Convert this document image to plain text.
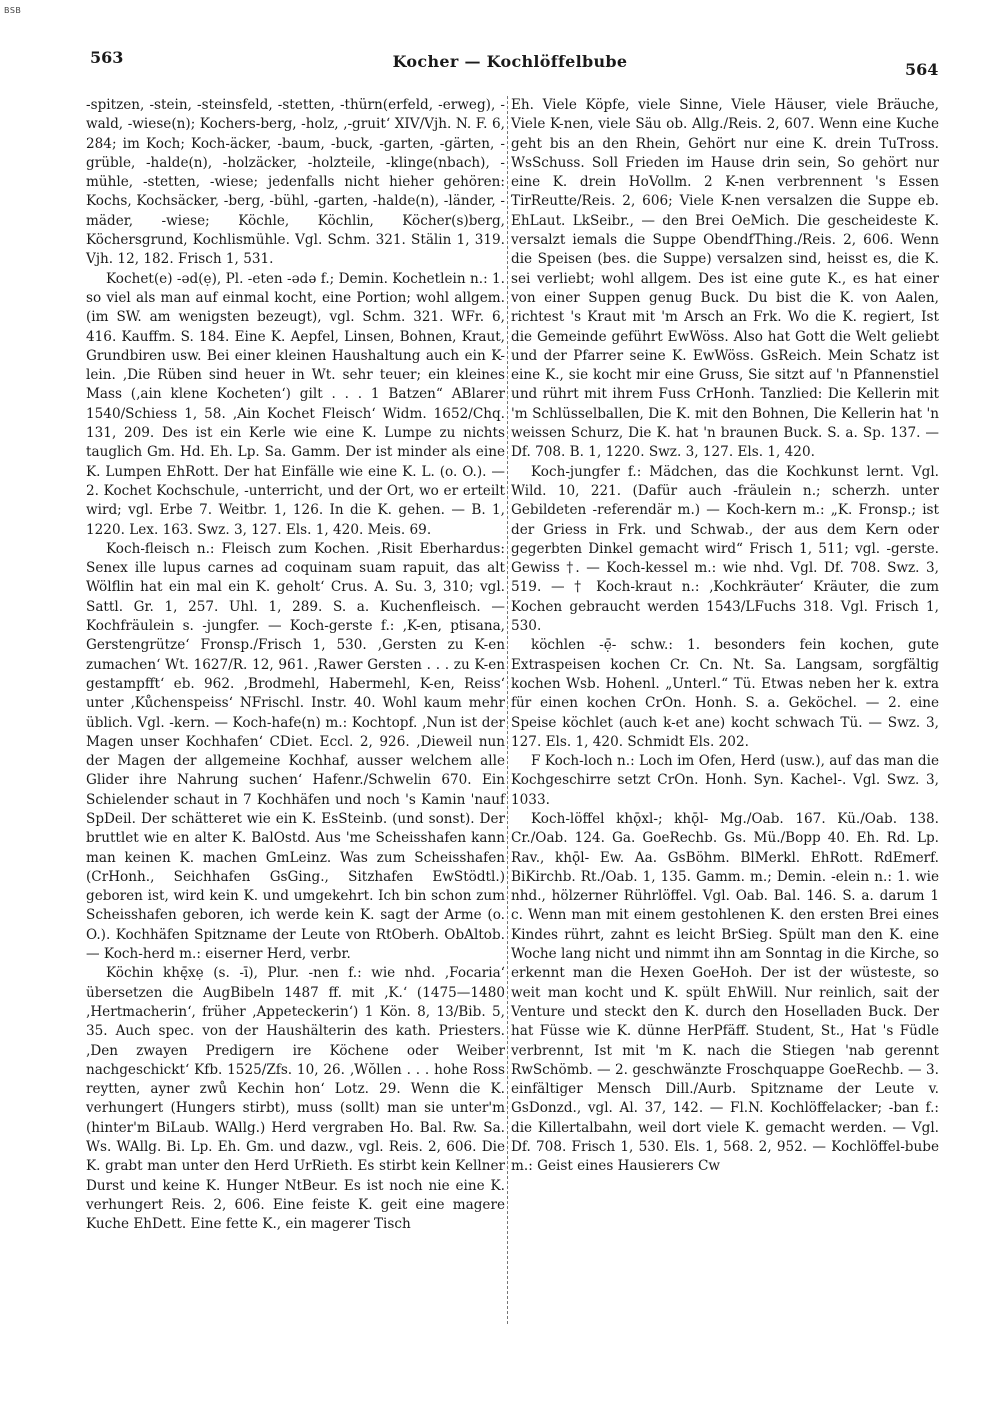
BSB
563	Kocher — Kochlöffelbube	564

-spitzen, -stein, -steinsfeld, -stetten, -thürn(erfeld, -erweg), -wald, -wiese(n); Kochers-berg, -holz, ‚-gruit‘ XIV/Vjh. N. F. 6, 284; im Koch; Koch-äcker, -baum, -buck, -garten, -gärten, -grüble, -halde(n), -holzäcker, -holzteile, -klinge(nbach), -mühle, -stetten, -wiese; jedenfalls nicht hieher gehören: Kochs, Kochsäcker, -berg, -bühl, -garten, -halde(n), -länder, -mäder, -wiese; Köchle, Köchlin, Köcher(s)berg, Köchersgrund, Kochlismühle. Vgl. Schm. 321. Stälin 1, 319. Vjh. 12, 182. Frisch 1, 531.

Kochet(e) -əd(ẹ), Pl. -eten -ədə f.; Demin. Kochetlein n.: 1. so viel als man auf einmal kocht, eine Portion; wohl allgem. (im SW. am wenigsten bezeugt), vgl. Schm. 321. WFr. 6, 416. Kauffm. S. 184. Eine K. Aepfel, Linsen, Bohnen, Kraut, Grundbiren usw. Bei einer kleinen Haushaltung auch ein K-lein. ‚Die Rüben sind heuer in Wt. sehr teuer; ein kleines Mass (‚ain klene Kocheten‘) gilt . . . 1 Batzen“ ABlarer 1540/Schiess 1, 58. ‚Ain Kochet Fleisch‘ Widm. 1652/Chq. 131, 209. Des ist ein Kerle wie eine K. Lumpe zu nichts tauglich Gm. Hd. Eh. Lp. Sa. Gamm. Der ist minder als eine K. Lumpen EhRott. Der hat Einfälle wie eine K. L. (o. O.). — 2. Kochet Kochschule, -unterricht, und der Ort, wo er erteilt wird; vgl. Erbe 7. Weitbr. 1, 126. In die K. gehen. — B. 1, 1220. Lex. 163. Swz. 3, 127. Els. 1, 420. Meis. 69.

Koch-fleisch n.: Fleisch zum Kochen. ‚Risit Eberhardus: Senex ille lupus carnes ad coquinam suam rapuit, das alt Wölflin hat ein mal ein K. geholt‘ Crus. A. Su. 3, 310; vgl. Sattl. Gr. 1, 257. Uhl. 1, 289. S. a. Kuchenfleisch. — Kochfräulein s. -jungfer. — Koch-gerste f.: ‚K-en, ptisana, Gerstengrütze‘ Fronsp./Frisch 1, 530. ‚Gersten zu K-en zumachen‘ Wt. 1627/R. 12, 961. ‚Rawer Gersten . . . zu K-en gestampfft‘ eb. 962. ‚Brodmehl, Habermehl, K-en, Reiss‘ unter ‚Kůchenspeiss‘ NFrischl. Instr. 40. Wohl kaum mehr üblich. Vgl. -kern. — Koch-hafe(n) m.: Kochtopf. ‚Nun ist der Magen unser Kochhafen‘ CDiet. Eccl. 2, 926. ‚Dieweil nun der Magen der allgemeine Kochhaf, ausser welchem alle Glider ihre Nahrung suchen‘ Hafenr./Schwelin 670. Ein Schielender schaut in 7 Kochhäfen und noch 's Kamin 'nauf SpDeil. Der schätteret wie ein K. EsSteinb. (und sonst). Der bruttlet wie en alter K. BalOstd. Aus 'me Scheisshafen kann man keinen K. machen GmLeinz. Was zum Scheisshafen (CrHonh., Seichhafen GsGing., Sitzhafen EwStödtl.) geboren ist, wird kein K. und umgekehrt. Ich bin schon zum Scheisshafen geboren, ich werde kein K. sagt der Arme (o. O.). Kochhäfen Spitzname der Leute von RtOberh. ObAltob. — Koch-herd m.: eiserner Herd, verbr.

Köchin khę̄xẹ (s. -ī), Plur. -nen f.: wie nhd. ‚Focaria‘ übersetzen die AugBibeln 1487 ff. mit ‚K.‘ (1475—1480 ‚Hertmacherin‘, früher ‚Appeteckerin‘) 1 Kön. 8, 13/Bib. 5, 35. Auch spec. von der Haushälterin des kath. Priesters. ‚Den zwayen Predigern ire Köchene oder Weiber nachgeschickt‘ Kfb. 1525/Zfs. 10, 26. ‚Wŏllen . . . hohe Ross reytten, ayner zwů Kechin hon‘ Lotz. 29. Wenn die K. verhungert (Hungers stirbt), muss (sollt) man sie unter'm (hinter'm BiLaub. WAllg.) Herd vergraben Ho. Bal. Rw. Sa. Ws. WAllg. Bi. Lp. Eh. Gm. und dazw., vgl. Reis. 2, 606. Die K. grabt man unter den Herd UrRieth. Es stirbt kein Kellner Durst und keine K. Hunger NtBeur. Es ist noch nie eine K. verhungert Reis. 2, 606. Eine feiste K. geit eine magere Kuche EhDett. Eine fette K., ein magerer Tisch

Eh. Viele Köpfe, viele Sinne, Viele Häuser, viele Bräuche, Viele K-nen, viele Säu ob. Allg./Reis. 2, 607. Wenn eine Kuche geht bis an den Rhein, Gehört nur eine K. drein TuTross. WsSchuss. Soll Frieden im Hause drin sein, So gehört nur eine K. drein HoVollm. 2 K-nen verbrennent 's Essen TirReutte/Reis. 2, 606; Viele K-nen versalzen die Suppe eb. EhLaut. LkSeibr., — den Brei OeMich. Die gescheideste K. versalzt iemals die Suppe ObendfThing./Reis. 2, 606. Wenn die Speisen (bes. die Suppe) versalzen sind, heisst es, die K. sei verliebt; wohl allgem. Des ist eine gute K., es hat einer von einer Suppen genug Buck. Du bist die K. von Aalen, richtest 's Kraut mit 'm Arsch an Frk. Wo die K. regiert, Ist die Gemeinde geführt EwWöss. Also hat Gott die Welt geliebt und der Pfarrer seine K. EwWöss. GsReich. Mein Schatz ist eine K., sie kocht mir eine Gruss, Sie sitzt auf 'n Pfannenstiel und rührt mit ihrem Fuss CrHonh. Tanzlied: Die Kellerin mit 'm Schlüsselballen, Die K. mit den Bohnen, Die Kellerin hat 'n weissen Schurz, Die K. hat 'n braunen Buck. S. a. Sp. 137. — Df. 708. B. 1, 1220. Swz. 3, 127. Els. 1, 420.

Koch-jungfer f.: Mädchen, das die Kochkunst lernt. Vgl. Wild. 10, 221. (Dafür auch -fräulein n.; scherzh. unter Gebildeten -referendär m.) — Koch-kern m.: „K. Fronsp.; ist der Griess in Frk. und Schwab., der aus dem Kern oder gegerbten Dinkel gemacht wird“ Frisch 1, 511; vgl. -gerste. Gewiss †. — Koch-kessel m.: wie nhd. Vgl. Df. 708. Swz. 3, 519. — † Koch-kraut n.: ‚Kochkräuter‘ Kräuter, die zum Kochen gebraucht werden 1543/LFuchs 318. Vgl. Frisch 1, 530.

köchlen -ẹ̄- schw.: 1. besonders fein kochen, gute Extraspeisen kochen Cr. Cn. Nt. Sa. Langsam, sorgfältig kochen Wsb. Hohenl. „Unterl.“ Tü. Etwas neben her k. extra für einen kochen CrOn. Honh. S. a. Geköchel. — 2. eine Speise köchlet (auch k-et ane) kocht schwach Tü. — Swz. 3, 127. Els. 1, 420. Schmidt Els. 202.

F Koch-loch n.: Loch im Ofen, Herd (usw.), auf das man die Kochgeschirre setzt CrOn. Honh. Syn. Kachel-. Vgl. Swz. 3, 1033.

Koch-löffel khǭxl-; khǭl- Mg./Oab. 167. Kü./Oab. 138. Cr./Oab. 124. Ga. GoeRechb. Gs. Mü./Bopp 40. Eh. Rd. Lp. Rav., khǭl- Ew. Aa. GsBöhm. BlMerkl. EhRott. RdEmerf. BiKirchb. Rt./Oab. 1, 135. Gamm. m.; Demin. -elein n.: 1. wie nhd., hölzerner Rührlöffel. Vgl. Oab. Bal. 146. S. a. darum 1 c. Wenn man mit einem gestohlenen K. den ersten Brei eines Kindes rührt, zahnt es leicht BrSieg. Spült man den K. eine Woche lang nicht und nimmt ihn am Sonntag in die Kirche, so erkennt man die Hexen GoeHoh. Der ist der wüsteste, so weit man kocht und K. spült EhWill. Nur reinlich, sait der Venture und steckt den K. durch den Hoselladen Buck. Der hat Füsse wie K. dünne HerPfäff. Student, St., Hat 's Füdle verbrennt, Ist mit 'm K. nach die Stiegen 'nab gerennt RwSchömb. — 2. geschwänzte Froschquappe GoeRechb. — 3. einfältiger Mensch Dill./Aurb. Spitzname der Leute v. GsDonzd., vgl. Al. 37, 142. — Fl.N. Kochlöffelacker; -ban f.: die Killertalbahn, weil dort viele K. gemacht werden. — Vgl. Df. 708. Frisch 1, 530. Els. 1, 568. 2, 952. — Kochlöffel-bube m.: Geist eines Hausierers Cw
